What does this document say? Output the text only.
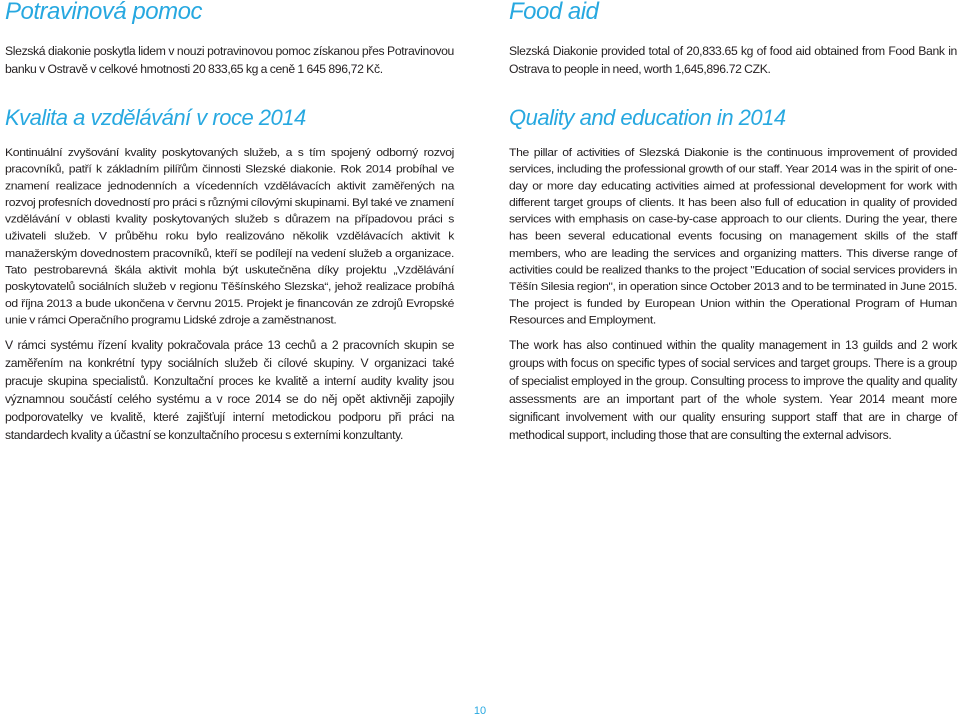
Potravinová pomoc

Slezská diakonie poskytla lidem v nouzi potravinovou pomoc získanou přes Potravinovou banku v Ostravě v celkové hmotnosti 20 833,65 kg a ceně 1 645 896,72 Kč.

Kvalita a vzdělávání v roce 2014

Kontinuální zvyšování kvality poskytovaných služeb, a s tím spojený odborný rozvoj pracovníků, patří k základním pilířům činnosti Slezské diakonie. Rok 2014 probíhal ve znamení realizace jednodenních a vícedenních vzdělávacích aktivit zaměřených na rozvoj profesních dovedností pro práci s různými cílovými skupinami. Byl také ve znamení vzdělávání v oblasti kvality poskytovaných služeb s důrazem na případovou práci s uživateli služeb. V průběhu roku bylo realizováno několik vzdělávacích aktivit k manažerským dovednostem pracovníků, kteří se podílejí na vedení služeb a organizace. Tato pestrobarevná škála aktivit mohla být uskutečněna díky projektu „Vzdělávání poskytovatelů sociálních služeb v regionu Těšínského Slezska“, jehož realizace probíhá od října 2013 a bude ukončena v červnu 2015. Projekt je financován ze zdrojů Evropské unie v rámci Operačního programu Lidské zdroje a zaměstnanost.

V rámci systému řízení kvality pokračovala práce 13 cechů a 2 pracovních skupin se zaměřením na konkrétní typy sociálních služeb či cílové skupiny. V organizaci také pracuje skupina specialistů. Konzultační proces ke kvalitě a interní audity kvality jsou významnou součástí celého systému a v roce 2014 se do něj opět aktivněji zapojily podporovatelky ve kvalitě, které zajišťují interní metodickou podporu při práci na standardech kvality a účastní se konzultačního procesu s externími konzultanty.

Food aid

Slezská Diakonie provided total of 20,833.65 kg of food aid obtained from Food Bank in Ostrava to people in need, worth 1,645,896.72 CZK.

Quality and education in 2014

The pillar of activities of Slezská Diakonie is the continuous improvement of provided services, including the professional growth of our staff. Year 2014 was in the spirit of one-day or more day educating activities aimed at professional development for work with different target groups of clients. It has been also full of education in quality of provided services with emphasis on case-by-case approach to our clients. During the year, there has been several educational events focusing on management skills of the staff members, who are leading the services and organizing matters. This diverse range of activities could be realized thanks to the project "Education of social services providers in Těšín Silesia region", in operation since October 2013 and to be terminated in June 2015. The project is funded by European Union within the Operational Program of Human Resources and Employment.

The work has also continued within the quality management in 13 guilds and 2 work groups with focus on specific types of social services and target groups. There is a group of specialist employed in the group. Consulting process to improve the quality and quality assessments are an important part of the whole system. Year 2014 meant more significant involvement with our quality ensuring support staff that are in charge of methodical support, including those that are consulting the external advisors.

10
